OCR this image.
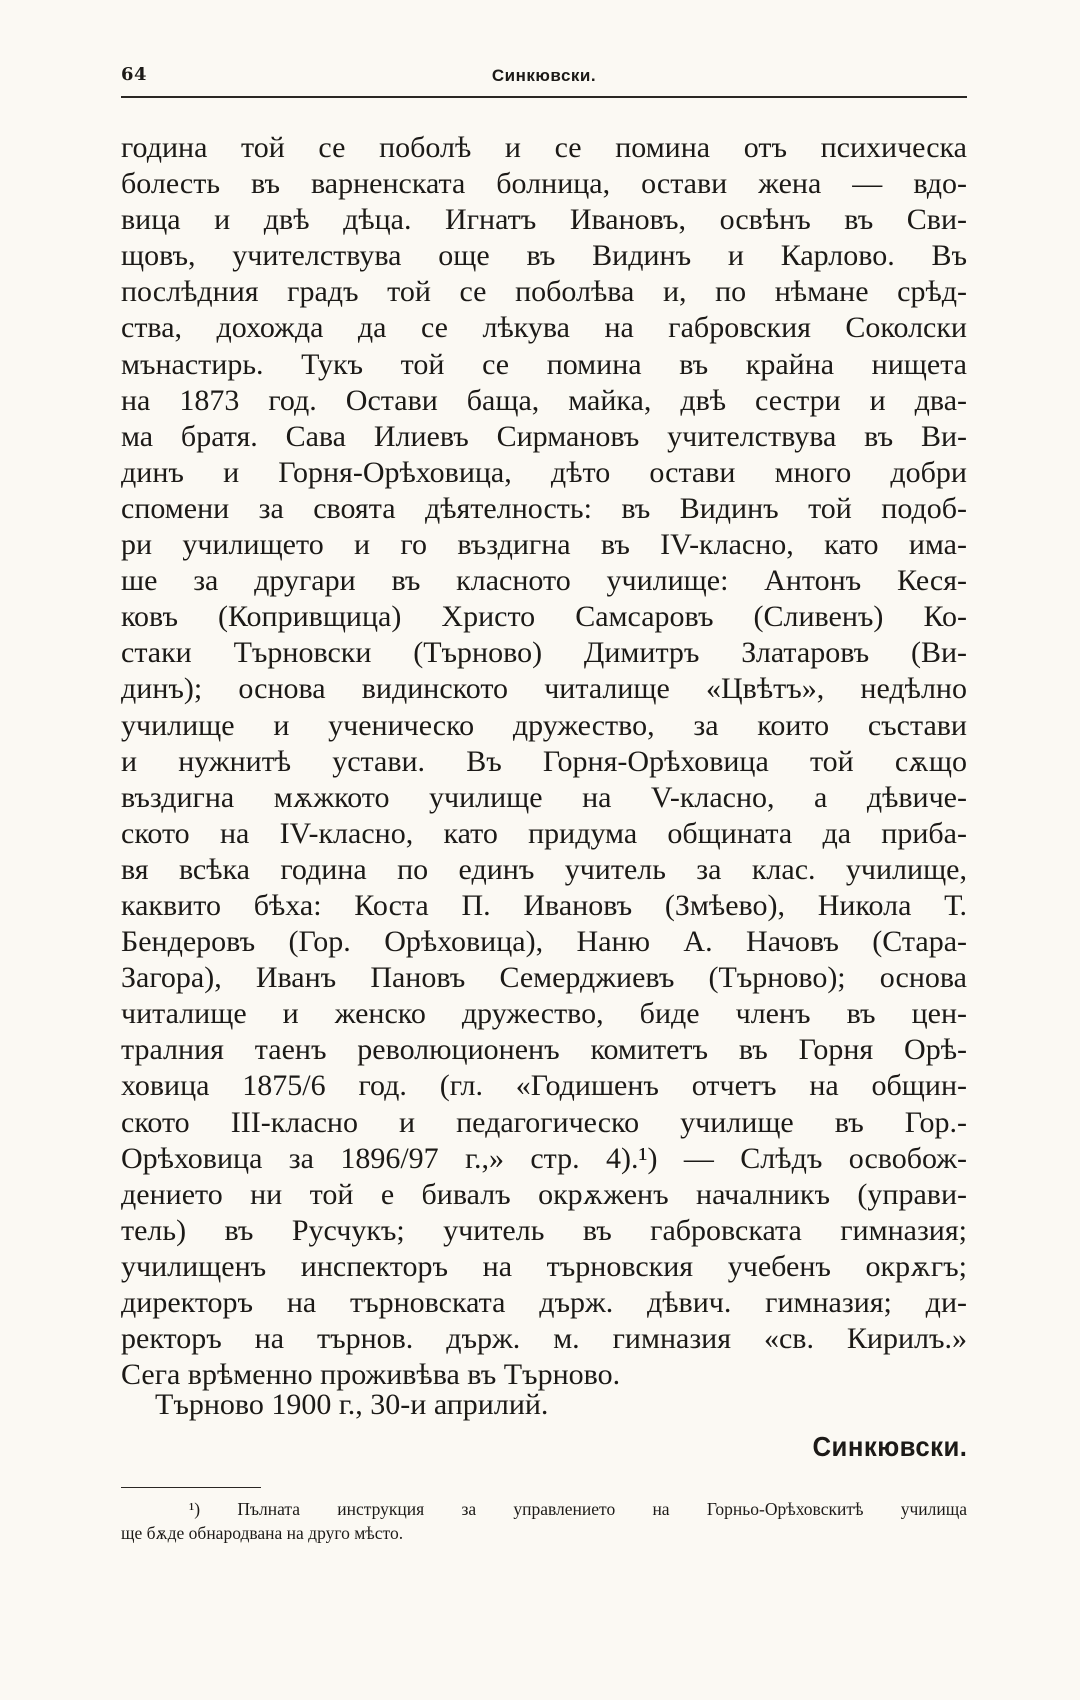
64	Синкювски.
година той се поболѣ и се помина отъ психическа
болесть въ варненската болница, остави жена — вдо-
вица и двѣ дѣца. Игнатъ Ивановъ, освѣнъ въ Сви-
щовъ, учителствува още въ Видинъ и Карлово. Въ
послѣдния градъ той се поболѣва и, по нѣмане срѣд-
ства, дохожда да се лѣкува на габровския Соколски
мънастирь. Тукъ той се помина въ крайна нищета
на 1873 год. Остави баща, майка, двѣ сестри и два-
ма братя. Сава Илиевъ Сирмановъ учителствува въ Ви-
динъ и Горня-Орѣховица, дѣто остави много добри
спомени за своята дѣятелность: въ Видинъ той подоб-
ри училището и го въздигна въ IV-класно, като има-
ше за другари въ класното училище: Антонъ Кеся-
ковъ (Копривщица) Христо Самсаровъ (Сливенъ) Ко-
стаки Търновски (Търново) Димитръ Златаровъ (Ви-
динъ); основа видинското читалище «Цвѣтъ», недѣлно
училище и ученическо дружество, за които състави
и нужнитѣ устави. Въ Горня-Орѣховица той сѫщо
въздигна мѫжкото училище на V-класно, а дѣвиче-
ското на IV-класно, като придума общината да приба-
вя всѣка година по единъ учитель за клас. училище,
каквито бѣха: Коста П. Ивановъ (Змѣево), Никола Т.
Бендеровъ (Гор. Орѣховица), Наню А. Начовъ (Стара-
Загора), Иванъ Пановъ Семерджиевъ (Търново); основа
читалище и женско дружество, биде членъ въ цен-
тралния таенъ революционенъ комитетъ въ Горня Орѣ-
ховица 1875/6 год. (гл. «Годишенъ отчетъ на общин-
ското III-класно и педагогическо училище въ Гор.-
Орѣховица за 1896/97 г.,» стр. 4).¹) — Слѣдъ освобож-
дението ни той е бивалъ окрѫженъ началникъ (управи-
тель) въ Русчукъ; учитель въ габровската гимназия;
училищенъ инспекторъ на търновския учебенъ окрѫгъ;
директоръ на търновската държ. дѣвич. гимназия; ди-
ректоръ на търнов. държ. м. гимназия «св. Кирилъ.»
Сега врѣменно проживѣва въ Търново.
Търново 1900 г., 30-и априлий.
Синкювски.
¹) Пълната инструкция за управлението на Горньо-Орѣховскитѣ училища
ще бѫде обнародвана на друго мѣсто.
